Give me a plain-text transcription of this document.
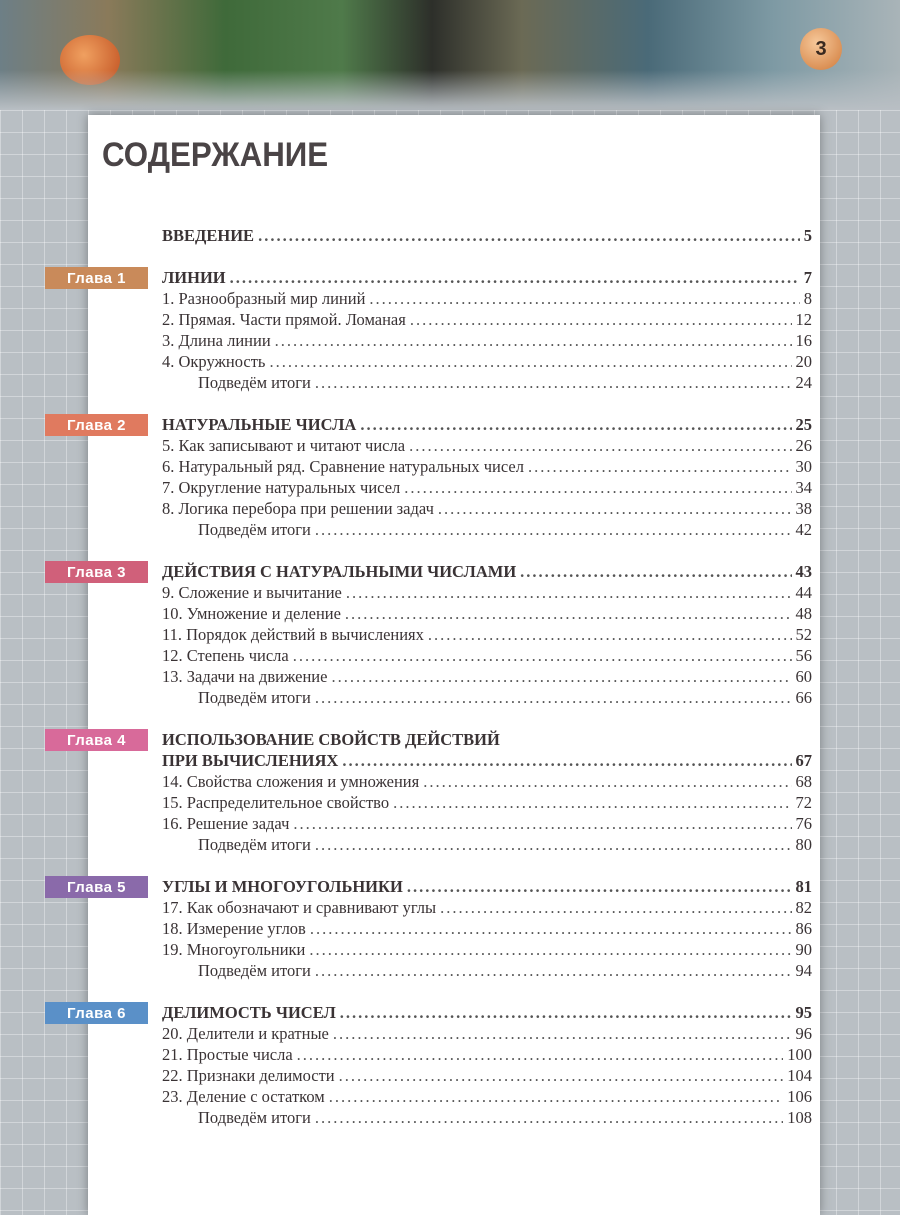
3
СОДЕРЖАНИЕ
ВВЕДЕНИЕ .....	5
Глава 1	ЛИНИИ .....	7
1. Разнообразный мир линий .....	8
2. Прямая. Части прямой. Ломаная .....	12
3. Длина линии .....	16
4. Окружность .....	20
Подведём итоги .....	24
Глава 2	НАТУРАЛЬНЫЕ ЧИСЛА .....	25
5. Как записывают и читают числа .....	26
6. Натуральный ряд. Сравнение натуральных чисел .....	30
7. Округление натуральных чисел .....	34
8. Логика перебора при решении задач .....	38
Подведём итоги .....	42
Глава 3	ДЕЙСТВИЯ С НАТУРАЛЬНЫМИ ЧИСЛАМИ .....	43
9. Сложение и вычитание .....	44
10. Умножение и деление .....	48
11. Порядок действий в вычислениях .....	52
12. Степень числа .....	56
13. Задачи на движение .....	60
Подведём итоги .....	66
Глава 4	ИСПОЛЬЗОВАНИЕ СВОЙСТВ ДЕЙСТВИЙ
ПРИ ВЫЧИСЛЕНИЯХ .....	67
14. Свойства сложения и умножения .....	68
15. Распределительное свойство .....	72
16. Решение задач .....	76
Подведём итоги .....	80
Глава 5	УГЛЫ И МНОГОУГОЛЬНИКИ .....	81
17. Как обозначают и сравнивают углы .....	82
18. Измерение углов .....	86
19. Многоугольники .....	90
Подведём итоги .....	94
Глава 6	ДЕЛИМОСТЬ ЧИСЕЛ .....	95
20. Делители и кратные .....	96
21. Простые числа .....	100
22. Признаки делимости .....	104
23. Деление с остатком .....	106
Подведём итоги .....	108
